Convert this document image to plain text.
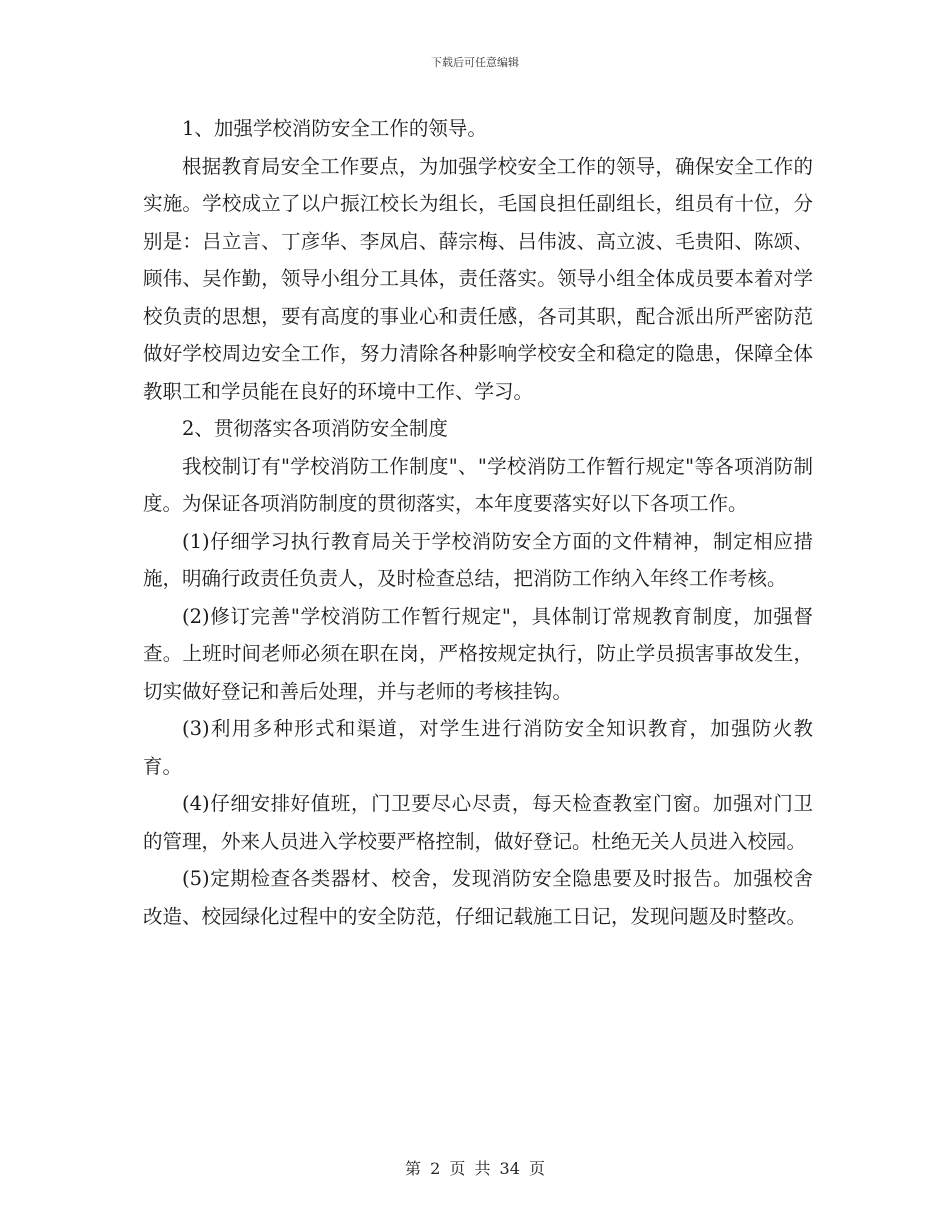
下载后可任意编辑

1、加强学校消防安全工作的领导。

根据教育局安全工作要点，为加强学校安全工作的领导，确保安全工作的实施。学校成立了以户振江校长为组长，毛国良担任副组长，组员有十位，分别是：吕立言、丁彦华、李凤启、薛宗梅、吕伟波、高立波、毛贵阳、陈颂、顾伟、吴作勤，领导小组分工具体，责任落实。领导小组全体成员要本着对学校负责的思想，要有高度的事业心和责任感，各司其职，配合派出所严密防范做好学校周边安全工作，努力清除各种影响学校安全和稳定的隐患，保障全体教职工和学员能在良好的环境中工作、学习。

2、贯彻落实各项消防安全制度

我校制订有"学校消防工作制度"、"学校消防工作暂行规定"等各项消防制度。为保证各项消防制度的贯彻落实，本年度要落实好以下各项工作。

(1)仔细学习执行教育局关于学校消防安全方面的文件精神，制定相应措施，明确行政责任负责人，及时检查总结，把消防工作纳入年终工作考核。

(2)修订完善"学校消防工作暂行规定"，具体制订常规教育制度，加强督查。上班时间老师必须在职在岗，严格按规定执行，防止学员损害事故发生，切实做好登记和善后处理，并与老师的考核挂钩。

(3)利用多种形式和渠道，对学生进行消防安全知识教育，加强防火教育。

(4)仔细安排好值班，门卫要尽心尽责，每天检查教室门窗。加强对门卫的管理，外来人员进入学校要严格控制，做好登记。杜绝无关人员进入校园。

(5)定期检查各类器材、校舍，发现消防安全隐患要及时报告。加强校舍改造、校园绿化过程中的安全防范，仔细记载施工日记，发现问题及时整改。

第 2 页 共 34 页
